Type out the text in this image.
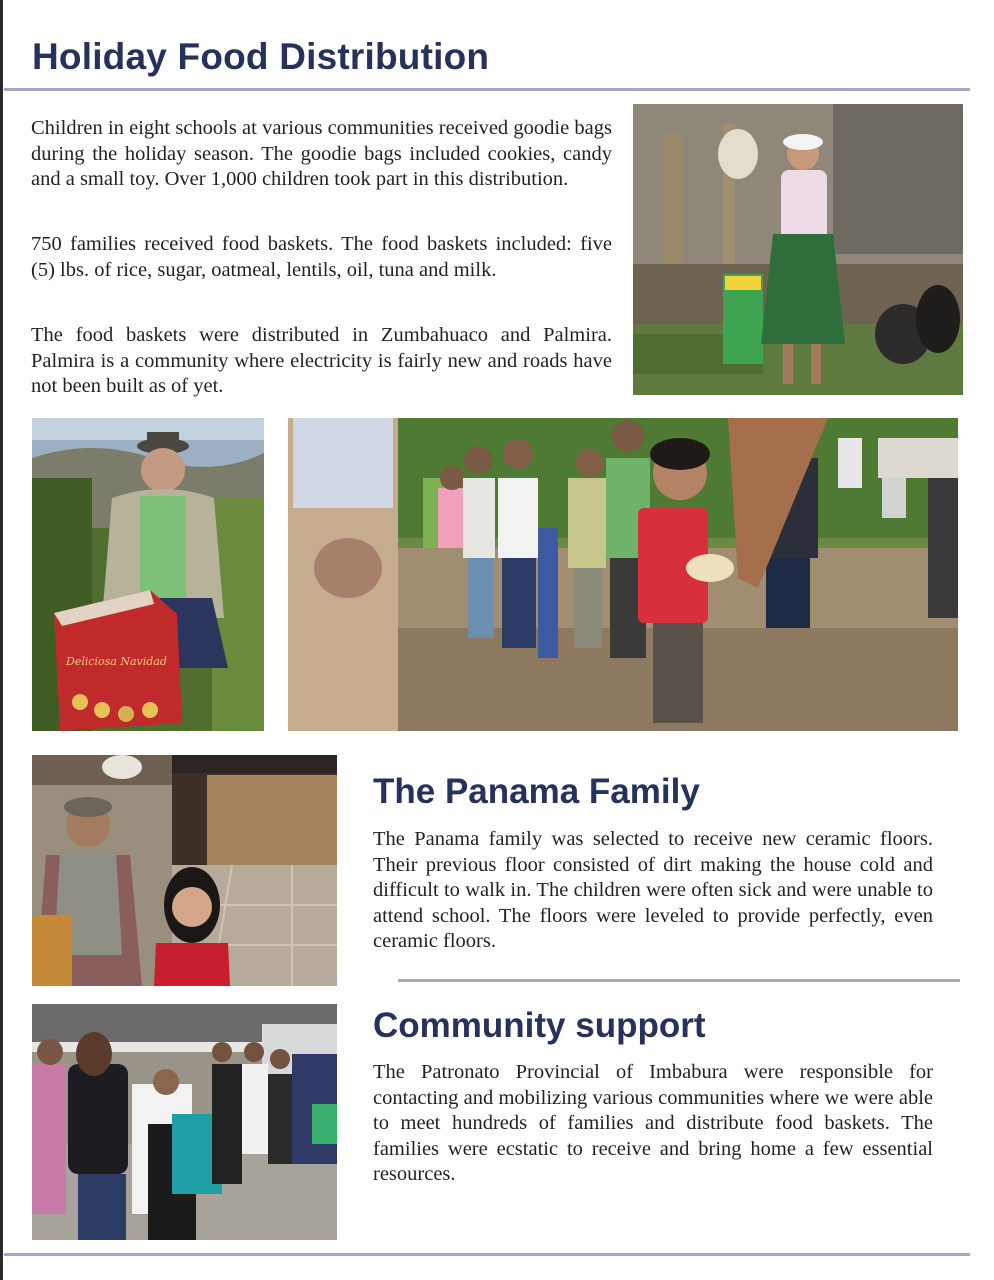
Holiday Food Distribution

Children in eight schools at various communities received goodie bags during the holiday season. The goodie bags included cookies, candy and a small toy. Over 1,000 children took part in this distribution.

750 families received food baskets. The food baskets included: five (5) lbs. of rice, sugar, oatmeal, lentils, oil, tuna and milk.

The food baskets were distributed in Zumbahuaco and Palmira. Palmira is a community where electricity is fairly new and roads have not been built as of yet.

Deliciosa Navidad
The Panama Family

The Panama family was selected to receive new ceramic floors. Their previous floor consisted of dirt making the house cold and difficult to walk in. The children were often sick and were unable to attend school. The floors were leveled to provide perfectly, even ceramic floors.

Community support

The Patronato Provincial of Imbabura were responsible for contacting and mobilizing various communities where we were able to meet hundreds of families and distribute food baskets. The families were ecstatic to receive and bring home a few essential resources.
